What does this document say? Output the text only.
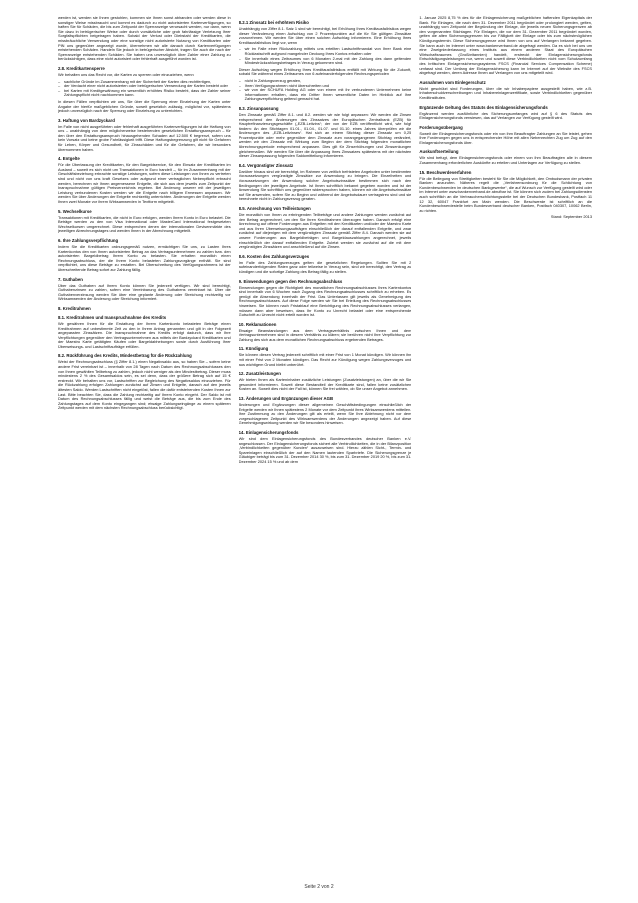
werden ist, werden sie Ihnen gestohlen, kommen sie Ihnen sonst abhanden oder werden diese in sonstiger Weise missbraucht und kommt es dadurch zu nicht autorisierten Kartenverfügungen, so haften Sie für Schäden, die bis zum Zeitpunkt der Sperranzeige verursacht werden, nur dann, wenn Sie dazu in betrügerischer Weise oder durch vorsätzliche oder grob fahrlässige Verletzung Ihrer Sorgfaltspflichten beigetragen haben. Sobald der Verlust oder Diebstahl der Kreditkarten, die missbräuchliche Verwendung oder eine sonstige nicht autorisierte Nutzung von Kreditkarten oder PIN uns gegenüber angezeigt wurde, übernehmen wir alle danach durch Kartenverfügungen entstehenden Schäden. Handeln Sie jedoch in betrügerischer Absicht, tragen Sie auch die nach der Sperranzeige entstehenden Schäden. Sie haben uns unverzüglich über Zahler einer Zahlung zu berücksichtigen, dass eine nicht autorisiert oder fehlerhaft ausgeführt worden ist.

2.8. Kreditkartensperre

Wir behalten uns das Recht vor, die Karten zu sperren oder einzuziehen, wenn

– sachliche Gründe im Zusammenhang mit der Sicherheit der Karten dies rechtfertigen,
– der Verdacht einer nicht autorisierten oder betrügerischen Verwendung der Karten besteht oder
– bei Karten mit Kreditgewährung ein wesentlich erhöhtes Risiko besteht, dass der Zahler seiner Zahlungspflicht nicht nachkommen kann.

In diesen Fällen verpflichten wir uns, Sie über die Sperrung einer Einziehung der Karten unter Angabe der hierfür maßgeblichen Gründe, soweit gesetzlich zulässig, möglichst vor, spätestens jedoch unverzüglich nach der Sperrung oder Einziehung zu unterrichten.

3. Haftung von Bardzyckard

Im Falle von nicht ausgeführten oder fehlerhaft ausgeführten Kartenverfügungen ist die Haftung von uns – unabhängig von dem möglicherweise bestehenden gesetzlichen Erstattungsanspruch – für den über den Erstattungsanspruch hinausgehenden Schaden auf 12.500 € begrenzt, sofern uns kein Vorsatz und keine grobe Fahrlässigkeit trifft. Diese Haftungsbegrenzung gilt nicht für Gefahren für Leben, Körper und Gesundheit, für Zinsschäden und für die Gefahren, die wir besonders übernommen haben.

4. Entgelte

Für die Überlassung der Kreditkarten, für den Bargeldservice, für den Einsatz der Kreditkarten im Ausland – soweit es sich nicht um Transaktionen in Euro handelt –, für im Zusammenhang mit der Geschäftsbeziehung erbrachte sonstige Leistungen, sofern diese Leistungen von Ihnen zu vertreten sind und nicht von uns kraft Gesetzes oder aufgrund einer vertraglichen Nebenpflicht erbracht werden, berechnen wir Ihnen angemessene Entgelte, die sich aus dem jeweils zum Zeitpunkt der Inanspruchnahme gültigen Preisverzeichnis ergeben. Bei Änderung unserer mit der jeweiligen Leistung verbundenen Kosten werden wir die Entgelte nach billigem Ermessen anpassen. Wir werden Sie über Änderungen der Entgelte rechtzeitig unterrichten. Änderungen der Entgelte werden Ihnen zwei Monate vor ihrem Wirksamwerden in Textform mitgeteilt.

5. Wechselkurse

Transaktionen mit Kreditkarten, die nicht in Euro erfolgen, werden Ihrem Konto in Euro belastet. Die Beträge werden zu den von Visa International oder MasterCard International festgesetzten Wechselkursen umgerechnet. Diese entsprechen denen der internationalen Devisenmärkte des jeweiligen Abrechnungstages und werden Ihnen in der Abrechnung mitgeteilt.

6. Ihre Zahlungsverpflichtung

Indem Sie die Kreditkarten ordnungsgemäß nutzen, ermächtigen Sie uns, zu Lasten Ihres Kartenkontos den von Ihnen autorisierten Betrag an das Vertragsunternehmen zu zahlen bzw. den autorisierten Bargeldbetrag Ihrem Konto zu belasten. Sie erhalten monatlich einen Rechnungsabschluss, der die Ihrem Konto belasteten Zahlungsvorgänge enthält. Sie sind verpflichtet, uns diese Beträge zu erstatten. Bei Überschreitung des Verfügungsrahmens ist der überschreitende Betrag sofort zur Zahlung fällig.

7. Guthaben

Über das Guthaben auf Ihrem Konto können Sie jederzeit verfügen. Wir sind berechtigt, Guthabenzinsen zu zahlen, sofern eine Vereinbarung des Guthabens vereinbart ist. Über die Guthabenverzinsung werden Sie über eine geplante Änderung oder Streichung rechtzeitig vor Wirksamwerden der Änderung oder Streichung informiert.

8. Kreditrahmen
8.1. Kreditrahmen und Inanspruchnahme des Kredits

Wir gewähren Ihnen für die Erstattung der Ihrem Kartenkonto belasteten Beträge einen Kreditrahmen auf unbestimmte Zeit zu den in Ihrem Antrag genannten und gilt in der Folgezeit angepassten Zinssätzen. Die Inanspruchnahme des Kredits erfolgt dadurch, dass wir Ihre Verpflichtungen gegenüber den Vertragsunternehmen aus mittels der Bardzyckard Kreditkarten und der Maestro Karte getätigten Käufen oder Bargeldabhebungen sowie durch Ausführung Ihrer Überweisungs- und Lastschriftaufträge erfüllen.

8.2. Rückführung des Kredits, Mindestbetrag für die Rückzahlung

Weist der Rechnungsabschluss (§ Ziffer 8.1.) einen Negativsaldo aus, so haben Sie – sofern keine andere Frist vereinbart ist – innerhalb von 28 Tagen nach Datum des Rechnungsabschlusses den von Ihnen gewählten Teilbetrag zu zahlen, jedoch nicht weniger als den Mindestbetrag. Dieser muss mindestens 2 % des Gesamtsaldos sein, es sei denn, dass der größere Betrag sich auf 15 € erstreckt. Wir behalten uns vor, Lastschriften zur Begleichung des Negativsaldos einzuziehen. Für die Rückzahlung erfolgen Zahlungen zunächst auf Zinsen und Entgelte, danach auf den jeweils ältesten Saldo. Werden Lastschriften nicht eingelöst, fallen die dafür entstehenden Kosten Ihnen zur Last. Bitte beachten Sie, dass die Zahlung rechtzeitig auf Ihrem Konto eingeht. Der Saldo ist mit Datum des Rechnungsabschlusses fällig und weist die Beträge aus, die bis zum Ende des Zahlungstages auf dem Konto eingegangen sind; etwaige Zahlungseingänge zu einem späteren Zeitpunkt werden mit dem nächsten Rechnungsabschluss berücksichtigt.

8.2.1 Zinssatz bei erhöhtem Risiko

Unabhängig von Ziffer 8.1. Satz 1 sind wir berechtigt, bei Erhöhung Ihres Kreditausfallrisikos wegen dieser Veränderung einen Aufschlag von 2 Prozentpunkten auf die für Sie gültigen Zinssätze vorzunehmen. Wir werden Sie über einen solchen Aufschlag informieren. Eine Erhöhung Ihres Kreditausfallrisikos liegt vor, wenn

– wir im Falle einer Rückzahlung mittels uns erteilten Lastschriftmandat von Ihrer Bank eine Rücklastschrift aufgrund mangelnder Deckung Ihres Kontos erhalten oder
– Sie innerhalb eines Zeitraumes von 6 Monaten 2-mal mit der Zahlung des dann geltenden Mindestrückzahlungsbetrages in Verzug gekommen sind.

Dieser Aufschlag wegen Erhöhung Ihres Kreditausfallrisikos entfällt mit Wirkung für die Zukunft, sobald Sie während eines Zeitraumes von 6 aufeinanderfolgenden Rechnungsperioden

– nicht in Zahlungsverzug geraten,
– Ihren Verfügungsrahmen nicht überschreiten und
– wir von der SCHUFA Holding AG oder von einem mit ihr verbundenen Unternehmen keine Informationen erhalten, dass ein Dritter Ihnen wesentliche Daten im Hinblick auf Ihre Zahlungsverpflichtung geltend gemacht hat.
8.3. Zinsanpassung

Den Zinssatz gemäß Ziffer 8.1. und 8.2. werden wir wie folgt anpassen: Wir werden die Zinsen entsprechend den Änderungen des Zinssatzes der Europäischen Zentralbank (EZB) für Hauptrefinanzierungsgeschäfte („EZB-Leitzins“; der von der EZB veröffentlicht wird, wie folgt ändern: An den Stichtagen 01.01., 01.04., 01.07. und 01.10. eines Jahres überprüfen wir die Änderungen des „EZB-Leitzinses“. Hat sich an einem Stichtag dieser Zinssatz um 0,25 Prozentpunkte oder mehr gegenüber dem Zinssatz zum vorangegangenen Stichtag verändert, werden wir den Zinssatz mit Wirkung zum Beginn der dem Stichtag folgenden monatlichen Abrechnungsperiode entsprechend anpassen. Dies gilt für Zinserhöhungen und Zinssenkungen gleichermaßen. Wir werden Sie über die Anpassung Ihres Zinssatzes spätestens mit der nächsten dieser Zinsanpassung folgenden Saldomitteilung informieren.

8.4. Vergünstigter Zinssatz

Darüber hinaus sind wir berechtigt, im Rahmen von zeitlich befristeten Angeboten unter bestimmten Voraussetzungen vergünstigte Zinssätze zur Anwendung zu bringen. Die Einzelheiten und Voraussetzungen der Anwendung solcher Angebotszinssätze bestimmen sich nach den Bedingungen der jeweiligen Angebote. Ist Ihnen schriftlich bekannt gegeben worden und ist der Anwendung Sie schriftlich uns gegenüber widersprochen haben, können wir die Angebotszinssätze auf Sie anwenden, sofern Sie zu Beginn und während der Angebotsdauer vertragstreu sind und sie berechnete nicht in Zahlungsverzug geraten.

8.5. Anrechnung von Teilleistungen

Die monatlich von Ihnen zu erbringenden Teilbeträge und andere Zahlungen werden zunächst auf den Betrag angerechnet, um den Sie Ihren Kreditrahmen überzogen haben. Danach erfolgt eine Anrechnung auf offene Forderungen aus Entgelten mit den Kreditkarten und/oder der Maestro Karte und aus Ihren Überweisungsaufträgen einschließlich der darauf entfallenden Entgelte, und zwar zunächst auf diejenigen mit dem vergünstigten Zinssatz gemäß Ziffer 8.4. Danach werden sie auf unsere Forderungen aus Bargeldbeträgen und Bargeldauszahlungen angerechnet, jeweils einschließlich der darauf entfallenden Entgelte. Zuletzt werden sie zunächst auf die mit dem vergünstigten Zinssätzen und anschließend auf die Zinsen.

8.6. Kosten des Zahlungsverzuges

Im Falle des Zahlungsverzuges gelten die gesetzlichen Regelungen. Sollten Sie mit 2 aufeinanderfolgenden Raten ganz oder teilweise in Verzug sein, sind wir berechtigt, den Vertrag zu kündigen und die sofortige Zahlung des Betrag fällig zu stellen.

9. Einwendungen gegen den Rechnungsabschluss

Einwendungen gegen die Richtigkeit des monatlichen Rechnungsabschlusses Ihres Kartenkontos sind innerhalb von 6 Wochen nach Zugang des Rechnungsabschlusses schriftlich zu erheben. Es genügt die Absendung innerhalb der Frist. Das Unterlassen gilt jeweils als Genehmigung des Rechnungsabschlusses. Auf diese Folge werden wir Sie bei Erteilung des Rechnungsabschlusses hinweisen. Sie können nach Fristablauf eine Berichtigung des Rechnungsabschlusses verlangen, müssen dann aber beweisen, dass Ihr Konto zu Unrecht belastet oder eine entsprechende Gutschrift zu Unrecht nicht erteilt worden ist.

10. Reklamationen

Etwaige Beanstandungen aus dem Vertragsverhältnis zwischen Ihnen und dem Vertragsunternehmen sind in diesem Verhältnis zu klären; sie berühren nicht Ihre Verpflichtung zur Zahlung des sich aus dem monatlichen Rechnungsabschluss ergebenden Betrages.

11. Kündigung

Sie können diesen Vertrag jederzeit schriftlich mit einer Frist von 1 Monat kündigen. Wir können ihn mit einer Frist von 2 Monaten kündigen. Das Recht zur Kündigung wegen Zahlungsverzuges und aus wichtigem Grund bleibt unberührt.

12. Zusatzleistungen

Wir bieten Ihnen als Karteninhaber zusätzliche Leistungen (Zusatzleistungen) an, über die wir Sie gesondert informieren. Soweit diese Bestandteil der Kreditkarte sind, fallen keine zusätzlichen Kosten an. Soweit dies nicht der Fall ist, können Sie frei wählen, ob Sie unser Angebot annehmen.

13. Änderungen und Ergänzungen dieser AGB

Änderungen und Ergänzungen dieser allgemeinen Geschäftsbedingungen einschließlich der Entgelte werden wir Ihnen spätestens 2 Monate vor dem Zeitpunkt ihres Wirksamwerdens mitteilen. Ihre Zustimmung zu den Änderungen gilt als erteilt, wenn Sie Ihre Ablehnung nicht vor dem vorgeschlagenen Zeitpunkt des Wirksamwerdens der Änderungen angezeigt haben. Auf diese Genehmigungswirkung werden wir Sie besonders hinweisen.

14. Einlagensicherungsfonds

Wir sind dem Einlagensicherungsfonds des Bundesverbandes deutscher Banken e.V. angeschlossen. Der Einlagensicherungsfonds sichert alle Verbindlichkeiten, die in der Bilanzposition „Verbindlichkeiten gegenüber Kunden“ auszuweisen sind. Hierzu zählen Sicht-, Termin- und Spareinlagen einschließlich der auf den Namen lautenden Sparbriefe. Die Sicherungsgrenze je Gläubiger beträgt bis zum 31. Dezember 2014 30 %, bis zum 31. Dezember 2019 20 %, bis zum 31. Dezember 2024 15 % und ab dem

1. Januar 2025 8,75 % des für die Einlagensicherung maßgeblichen haftenden Eigenkapitals der Bank. Für Einlagen, die nach dem 31. Dezember 2011 begründet oder prolongiert werden, gelten, unabhängig vom Zeitpunkt der Begründung der Einlage, die jeweils neuen Sicherungsgrenzen ab den vorgenannten Stichtagen. Für Einlagen, die vor dem 31. Dezember 2011 begründet wurden, gelten die alten Sicherungsgrenzen bis zur Fälligkeit der Einlage oder bis zum nächstmöglichen Kündigungstermin. Diese Sicherungsgrenze wird Ihnen von uns auf Verlangen bekannt gegeben. Sie kann auch im Internet unter www.bankenverband.de abgefragt werden. Da es sich bei uns um eine Zweigniederlassung eines Instituts aus einem anderen Staat des Europäischen Wirtschaftsraumes (Großbritannien) handelt, erstreckt der Einlagensicherungsfonds Entschädigungsleistungen nur, wenn und soweit diese Verbindlichkeiten nicht vom Schutzumfang des britischen Einlagensicherungssystems FSCS (Financial Services Compensation Scheme) umfasst sind. Der Umfang der Einlagensicherung kann im Internet auf der Website des FSCS abgefragt werden, deren Adresse Ihnen auf Verlangen von uns mitgeteilt wird.

Ausnahmen vom Einlegerschutz

Nicht geschützt sind Forderungen, über die wir Inhaberpapiere ausgestellt haben, wie z.B. Inhaberschuldverschreibungen und Inhabereinlagenzertifikate, sowie Verbindlichkeiten gegenüber Kreditinstituten.

Ergänzende Geltung des Statuts des Einlagensicherungsfonds

Ergänzend werden ausführliche des Sicherungsumfanges wird auf § 6 des Statuts des Einlagensicherungsfonds verwiesen, das auf Verlangen zur Verfügung gestellt wird.

Forderungsübergang

Soweit der Einlagensicherungsfonds oder ein von ihm Beauftragter Zahlungen an Sie leistet, gehen Ihre Forderungen gegen uns in entsprechender Höhe mit allen Nebenrechten Zug um Zug auf den Einlagensicherungsfonds über.

Auskunftserteilung

Wir sind befugt, dem Einlagensicherungsfonds oder einem von ihm Beauftragten alle in diesem Zusammenhang erforderlichen Auskünfte zu erteilen und Unterlagen zur Verfügung zu stellen.

15. Beschwerdeverfahren

Für die Beilegung von Streitigkeiten besteht für Sie die Möglichkeit, den Ombudsmann der privaten Banken anzurufen. Näheres regelt die „Verfahrensordnung für die Schlichtung von Kundenbeschwerden im deutschen Bankgewerbe“, die auf Wunsch zur Verfügung gestellt wird oder im Internet unter www.bankenverband.de abrufbar ist. Sie können sich zudem bei Zahlungsdiensten auch schriftlich an die Verbraucherschlichtungsstelle bei der Deutschen Bundesbank, Postfach 11 12 32, 60047 Frankfurt am Main wenden. Die Beschwerde ist schriftlich an die Kundenbeschwerdestelle beim Bundesverband deutscher Banken, Postfach 040307, 10062 Berlin, zu richten.

Stand: September 2013

Seite 2 von 2
